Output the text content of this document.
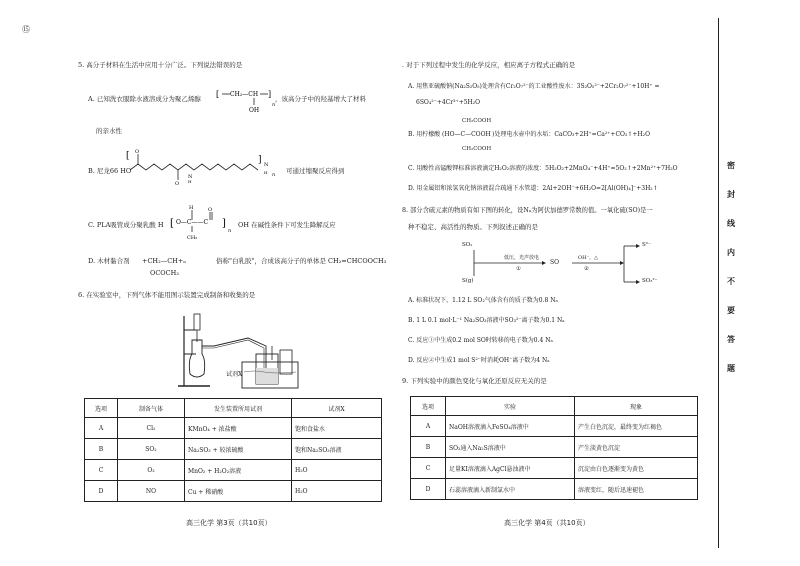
⑮
5. 高分子材料在生活中应用十分广泛。下列说法错误的是
A. 已知洗衣服除水液溶成分为聚乙烯醇 [ CH₂—CH
OH
]
n
，该高分子中的羟基增大了材料
的亲水性
B. 尼龙66 HO
O
O
N
H
] N
H n
[
可通过缩聚反应得到
C. PLA吸管成分聚乳酸 H [ O—C——C
H
CH₃
O
]
n
OH 在碱性条件下可发生降解反应
D. 木材黏合剂 +CH₂—CH+ₙ	俗称"白乳胶"，合成该高分子的单体是 CH₂=CHCOOCH₃
OCOCH₃
6. 在实验室中，下列气体不能用图示装置完成制备和收集的是
试剂X
选项	制备气体	发生装置所用试剂	试剂X
A	Cl₂	KMnO₄ + 浓盐酸	饱和食盐水
B	SO₂	Na₂SO₃ + 较浓硫酸	饱和Na₂SO₃溶液
C	O₂	MnO₂ + H₂O₂溶液	H₂O
D	NO	Cu + 稀硝酸	H₂O
高三化学 第3页（共10页）
. 对于下列过程中发生的化学反应，相应离子方程式正确的是
A. 用焦亚硫酸钠(Na₂S₂O₅)处理含有Cr₂O₇²⁻的工业酸性废水：3S₂O₅²⁻+2Cr₂O₇²⁻+10H⁺ =
6SO₄²⁻+4Cr³⁺+5H₂O
CH₂COOH
B. 用柠檬酸 (HO—C—COOH )处理电水壶中的水垢：CaCO₃+2H⁺=Ca²⁺+CO₂↑+H₂O
CH₂COOH
C. 用酸性高锰酸钾标准溶液滴定H₂O₂溶液的浓度：5H₂O₂+2MnO₄⁻+4H⁺=5O₂↑+2Mn²⁺+7H₂O
D. 用金属铝和浓氢氧化钠溶液混合疏通下水管道：2Al+2OH⁻+6H₂O=2[Al(OH)₄]⁻+3H₂↑
8. 部分含硫元素的物质有如下图的转化，设Nₐ为阿伏加德罗常数的值。一氧化硫(SO)是一
种不稳定、高活性的物质。下列叙述正确的是
SO₂
S(g)
低压，光声放电
①
SO
OH⁻，△
②
S²⁻
SO₃²⁻
A. 标准状况下，1.12 L SO₂气体含有的质子数为0.8 Nₐ
B. 1 L 0.1 mol·L⁻¹ Na₂SO₃溶液中SO₃²⁻离子数为0.1 Nₐ
C. 反应①中生成0.2 mol SO时转移的电子数为0.4 Nₐ
D. 反应②中生成1 mol S²⁻时消耗OH⁻离子数为4 Nₐ
9. 下列实验中的颜色变化与氧化还原反应无关的是
选项	实验	现象
A	NaOH溶液滴入FeSO₄溶液中	产生白色沉淀，最终变为红褐色
B	SO₂通入Na₂S溶液中	产生淡黄色沉淀
C	足量KI溶液滴入AgCl悬浊液中	沉淀由白色逐渐变为黄色
D	石蕊溶液滴入新制氯水中	溶液变红，随后迅速褪色
高三化学 第4页（共10页）
密
封
线
内
不
要
答
题
